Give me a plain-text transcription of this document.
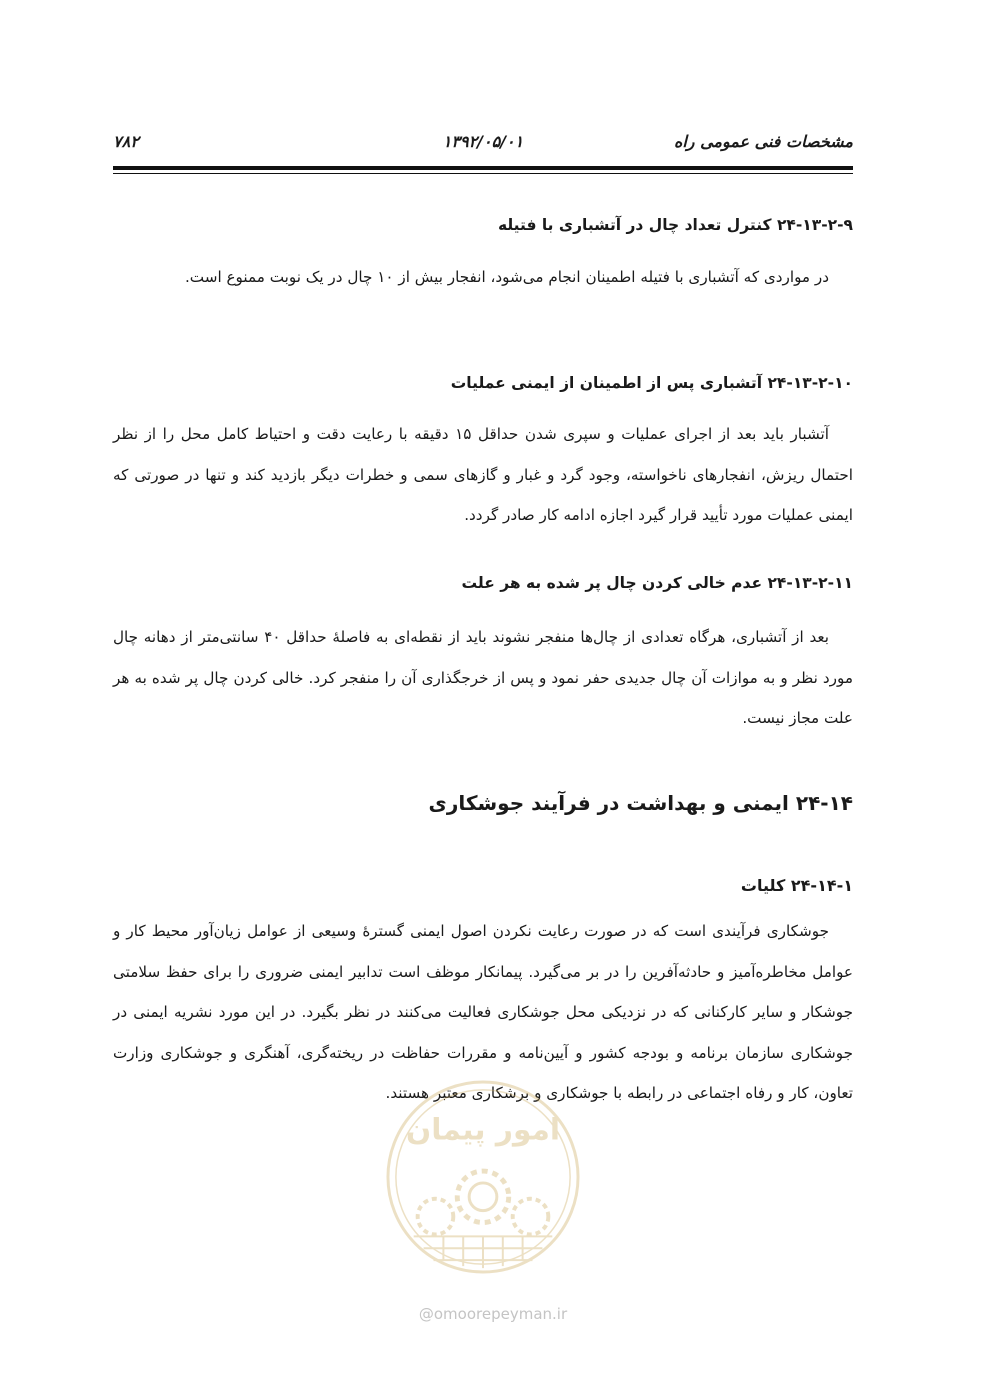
مشخصات فنی عمومی راه
۱۳۹۲/۰۵/۰۱
۷۸۲
۲۴-۱۳-۲-۹ کنترل تعداد چال در آتشباری با فتیله
در مواردی که آتشباری با فتیله اطمینان انجام می‌شود، انفجار بیش از ۱۰ چال در یک نوبت ممنوع است.
۲۴-۱۳-۲-۱۰ آتشباری پس از اطمینان از ایمنی عملیات
آتشبار باید بعد از اجرای عملیات و سپری شدن حداقل ۱۵ دقیقه با رعایت دقت و احتیاط کامل محل را از نظر احتمال ریزش، انفجارهای ناخواسته، وجود گرد و غبار و گازهای سمی و خطرات دیگر بازدید کند و تنها در صورتی که ایمنی عملیات مورد تأیید قرار گیرد اجازه ادامه کار صادر گردد.
۲۴-۱۳-۲-۱۱ عدم خالی کردن چال پر شده به هر علت
بعد از آتشباری، هرگاه تعدادی از چال‌ها منفجر نشوند باید از نقطه‌ای به فاصلهٔ حداقل ۴۰ سانتی‌متر از دهانه چال مورد نظر و به موازات آن چال جدیدی حفر نمود و پس از خرجگذاری آن را منفجر کرد. خالی کردن چال پر شده به هر علت مجاز نیست.
۲۴-۱۴ ایمنی و بهداشت در فرآیند جوشکاری
۲۴-۱۴-۱ کلیات
جوشکاری فرآیندی است که در صورت رعایت نکردن اصول ایمنی گسترهٔ وسیعی از عوامل زیان‌آور محیط کار و عوامل مخاطره‌آمیز و حادثه‌آفرین را در بر می‌گیرد. پیمانکار موظف است تدابیر ایمنی ضروری را برای حفظ سلامتی جوشکار و سایر کارکنانی که در نزدیکی محل جوشکاری فعالیت می‌کنند در نظر بگیرد. در این مورد نشریه ایمنی در جوشکاری سازمان برنامه و بودجه کشور و آیین‌نامه و مقررات حفاظت در ریخته‌گری، آهنگری و جوشکاری وزارت تعاون، کار و رفاه اجتماعی در رابطه با جوشکاری و برشکاری معتبر هستند.
امور پیمان
@omoorepeyman.ir
